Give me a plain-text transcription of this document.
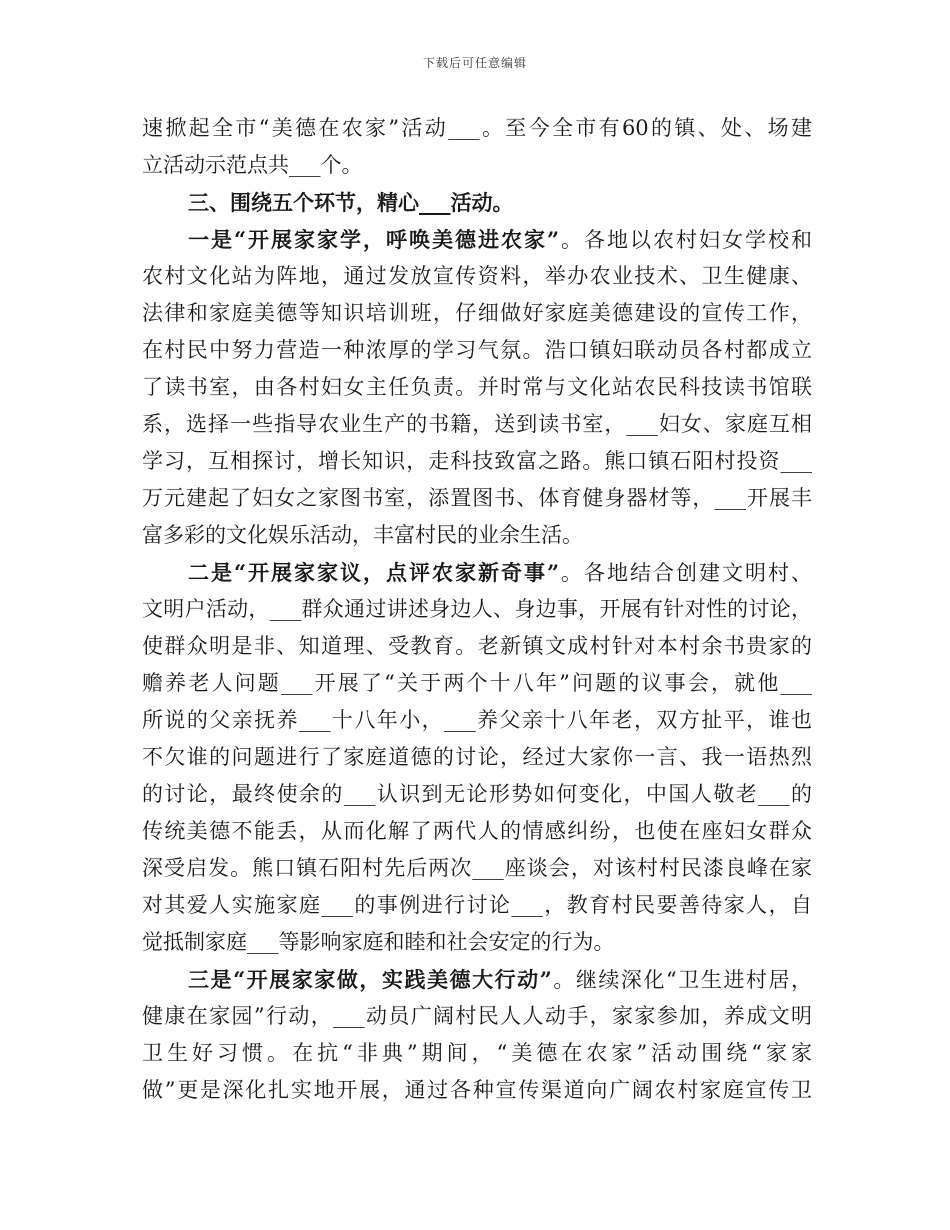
下载后可任意编辑
速掀起全市“美德在农家”活动___。至今全市有60的镇、处、场建
立活动示范点共___个。
三、围绕五个环节，精心___活动。
一是“开展家家学，呼唤美德进农家”。各地以农村妇女学校和
农村文化站为阵地，通过发放宣传资料，举办农业技术、卫生健康、
法律和家庭美德等知识培训班，仔细做好家庭美德建设的宣传工作，
在村民中努力营造一种浓厚的学习气氛。浩口镇妇联动员各村都成立
了读书室，由各村妇女主任负责。并时常与文化站农民科技读书馆联
系，选择一些指导农业生产的书籍，送到读书室，___妇女、家庭互相
学习，互相探讨，增长知识，走科技致富之路。熊口镇石阳村投资___
万元建起了妇女之家图书室，添置图书、体育健身器材等，___开展丰
富多彩的文化娱乐活动，丰富村民的业余生活。
二是“开展家家议，点评农家新奇事”。各地结合创建文明村、
文明户活动，___群众通过讲述身边人、身边事，开展有针对性的讨论，
使群众明是非、知道理、受教育。老新镇文成村针对本村余书贵家的
赡养老人问题___开展了“关于两个十八年”问题的议事会，就他___
所说的父亲抚养___十八年小，___养父亲十八年老，双方扯平，谁也
不欠谁的问题进行了家庭道德的讨论，经过大家你一言、我一语热烈
的讨论，最终使余的___认识到无论形势如何变化，中国人敬老___的
传统美德不能丢，从而化解了两代人的情感纠纷，也使在座妇女群众
深受启发。熊口镇石阳村先后两次___座谈会，对该村村民漆良峰在家
对其爱人实施家庭___的事例进行讨论___，教育村民要善待家人，自
觉抵制家庭___等影响家庭和睦和社会安定的行为。
三是“开展家家做，实践美德大行动”。继续深化“卫生进村居，
健康在家园”行动，___动员广阔村民人人动手，家家参加，养成文明
卫生好习惯。在抗“非典”期间，“美德在农家”活动围绕“家家
做”更是深化扎实地开展，通过各种宣传渠道向广阔农村家庭宣传卫
